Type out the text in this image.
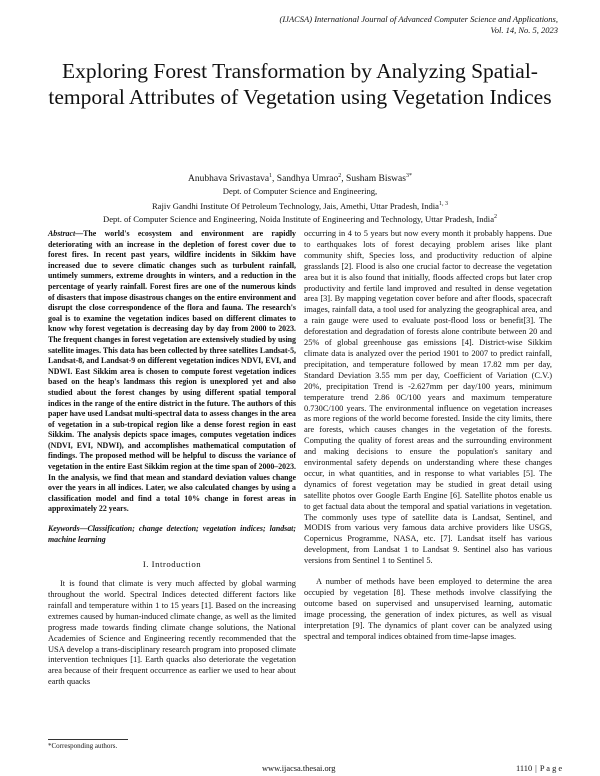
(IJACSA) International Journal of Advanced Computer Science and Applications,
Vol. 14, No. 5, 2023
Exploring Forest Transformation by Analyzing Spatial-temporal Attributes of Vegetation using Vegetation Indices
Anubhava Srivastava$^1$, Sandhya Umrao$^2$, Susham Biswas$^{3*}$
Dept. of Computer Science and Engineering,
Rajiv Gandhi Institute Of Petroleum Technology, Jais, Amethi, Uttar Pradesh, India$^{1, 3}$
Dept. of Computer Science and Engineering, Noida Institute of Engineering and Technology, Uttar Pradesh, India$^2$
Abstract—The world's ecosystem and environment are rapidly deteriorating with an increase in the depletion of forest cover due to forest fires. In recent past years, wildfire incidents in Sikkim have increased due to severe climatic changes such as turbulent rainfall, untimely summers, extreme droughts in winters, and a reduction in the percentage of yearly rainfall. Forest fires are one of the numerous kinds of disasters that impose disastrous changes on the entire environment and disrupt the close correspondence of the flora and fauna. The research's goal is to examine the vegetation indices based on different climates to know why forest vegetation is decreasing day by day from 2000 to 2023. The frequent changes in forest vegetation are extensively studied by using satellite images. This data has been collected by three satellites Landsat-5, Landsat-8, and Landsat-9 on different vegetation indices NDVI, EVI, and NDWI. East Sikkim area is chosen to compute forest vegetation indices based on the heap's landmass this region is unexplored yet and also studied about the forest changes by using different spatial temporal indices in the range of the entire district in the future. The authors of this paper have used Landsat multi-spectral data to assess changes in the area of vegetation in a sub-tropical region like a dense forest region in east Sikkim. The analysis depicts space images, computes vegetation indices (NDVI, EVI, NDWI), and accomplishes mathematical computation of findings. The proposed method will be helpful to discuss the variance of vegetation in the entire East Sikkim region at the time span of 2000–2023. In the analysis, we find that mean and standard deviation values change over the years in all indices. Later, we also calculated changes by using a classification model and find a total 10% change in forest areas in approximately 22 years.
Keywords—Classification; change detection; vegetation indices; landsat; machine learning
I. Introduction

It is found that climate is very much affected by global warming throughout the world. Spectral Indices detected different factors like rainfall and temperature within 1 to 15 years [1]. Based on the increasing extremes caused by human-induced climate change, as well as the limited progress made towards finding climate change solutions, the National Academies of Science and Engineering recently recommended that the USA develop a trans-disciplinary research program into proposed climate intervention techniques [1]. Earth quacks also deteriorate the vegetation area because of their frequent occurrence as earlier we used to hear about earth quacks

occurring in 4 to 5 years but now every month it probably happens. Due to earthquakes lots of forest decaying problem arises like plant community shift, Species loss, and productivity reduction of alpine grasslands [2]. Flood is also one crucial factor to decrease the vegetation area but it is also found that initially, floods affected crops but later crop productivity and fertile land improved and resulted in dense vegetation area [3]. By mapping vegetation cover before and after floods, spacecraft images, rainfall data, a tool used for analyzing the geographical area, and a rain gauge were used to evaluate post-flood loss or benefit[3]. The deforestation and degradation of forests alone contribute between 20 and 25% of global greenhouse gas emissions [4]. District-wise Sikkim climate data is analyzed over the period 1901 to 2007 to predict rainfall, precipitation, and temperature followed by mean 17.82 mm per day, Standard Deviation 3.55 mm per day, Coefficient of Variation (C.V.) 20%, precipitation Trend is -2.627mm per day/100 years, minimum temperature trend 2.86 0C/100 years and maximum temperature 0.730C/100 years. The environmental influence on vegetation increases as more regions of the world become forested. Inside the city limits, there are forests, which causes changes in the vegetation of the forests. Computing the quality of forest areas and the surrounding environment and making decisions to ensure the population's sanitary and environmental safety depends on understanding where these changes occur, in what quantities, and in response to what variables [5]. The dynamics of forest vegetation may be studied in great detail using satellite photos over Google Earth Engine [6]. Satellite photos enable us to get factual data about the temporal and spatial variations in vegetation. The commonly uses type of satellite data is Landsat, Sentinel, and MODIS from various very famous data archive providers like USGS, Copernicus Programme, NASA, etc. [7]. Landsat itself has various development, from Landsat 1 to Landsat 9. Sentinel also has various versions from Sentinel 1 to Sentinel 5.

A number of methods have been employed to determine the area occupied by vegetation [8]. These methods involve classifying the outcome based on supervised and unsupervised learning, automatic image processing, the generation of index pictures, as well as visual interpretation [9]. The dynamics of plant cover can be analyzed using spectral and temporal indices obtained from time-lapse images.

*Corresponding authors.
www.ijacsa.thesai.org	1110 | P a g e
